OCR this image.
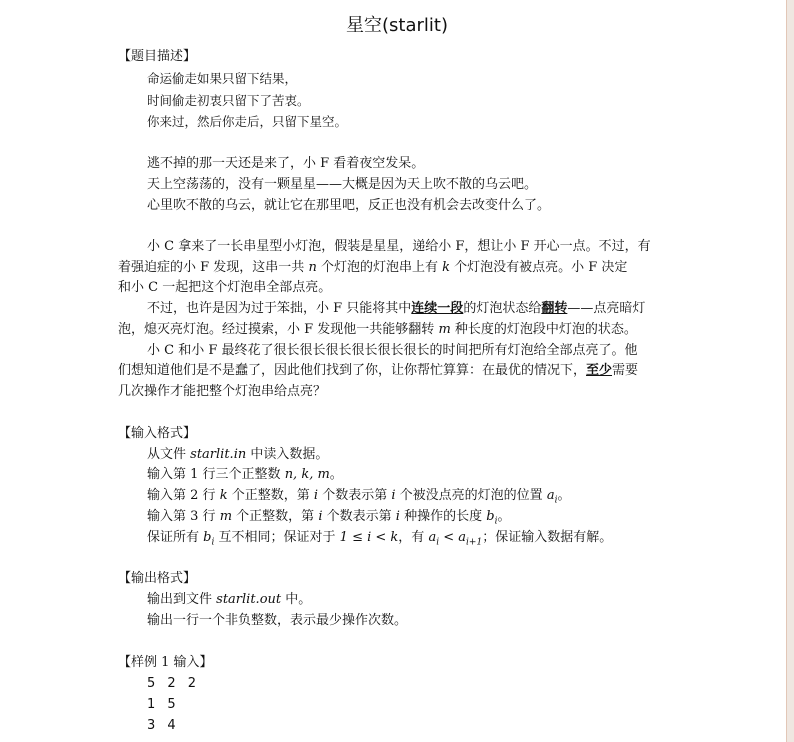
星空(starlit)
【题目描述】
命运偷走如果只留下结果，
时间偷走初衷只留下了苦衷。
你来过，然后你走后，只留下星空。
逃不掉的那一天还是来了，小 F 看着夜空发呆。
天上空荡荡的，没有一颗星星——大概是因为天上吹不散的乌云吧。
心里吹不散的乌云，就让它在那里吧，反正也没有机会去改变什么了。
小 C 拿来了一长串星型小灯泡，假装是星星，递给小 F，想让小 F 开心一点。不过，有
着强迫症的小 F 发现，这串一共 n 个灯泡的灯泡串上有 k 个灯泡没有被点亮。小 F 决定
和小 C 一起把这个灯泡串全部点亮。
不过，也许是因为过于笨拙，小 F 只能将其中连续一段的灯泡状态给翻转——点亮暗灯
泡，熄灭亮灯泡。经过摸索，小 F 发现他一共能够翻转 m 种长度的灯泡段中灯泡的状态。
小 C 和小 F 最终花了很长很长很长很长很长很长的时间把所有灯泡给全部点亮了。他
们想知道他们是不是蠢了，因此他们找到了你，让你帮忙算算：在最优的情况下，至少需要
几次操作才能把整个灯泡串给点亮？
【输入格式】
从文件 starlit.in 中读入数据。
输入第 1 行三个正整数 n, k, m。
输入第 2 行 k 个正整数，第 i 个数表示第 i 个被没点亮的灯泡的位置 $a_i$。
输入第 3 行 m 个正整数，第 i 个数表示第 i 种操作的长度 $b_i$。
保证所有 $b_i$ 互不相同；保证对于 1 ≤ i < k，有 $a_i < a_{i+1}$；保证输入数据有解。
【输出格式】
输出到文件 starlit.out 中。
输出一行一个非负整数，表示最少操作次数。
【样例 1 输入】
5 2 2
1 5
3 4
